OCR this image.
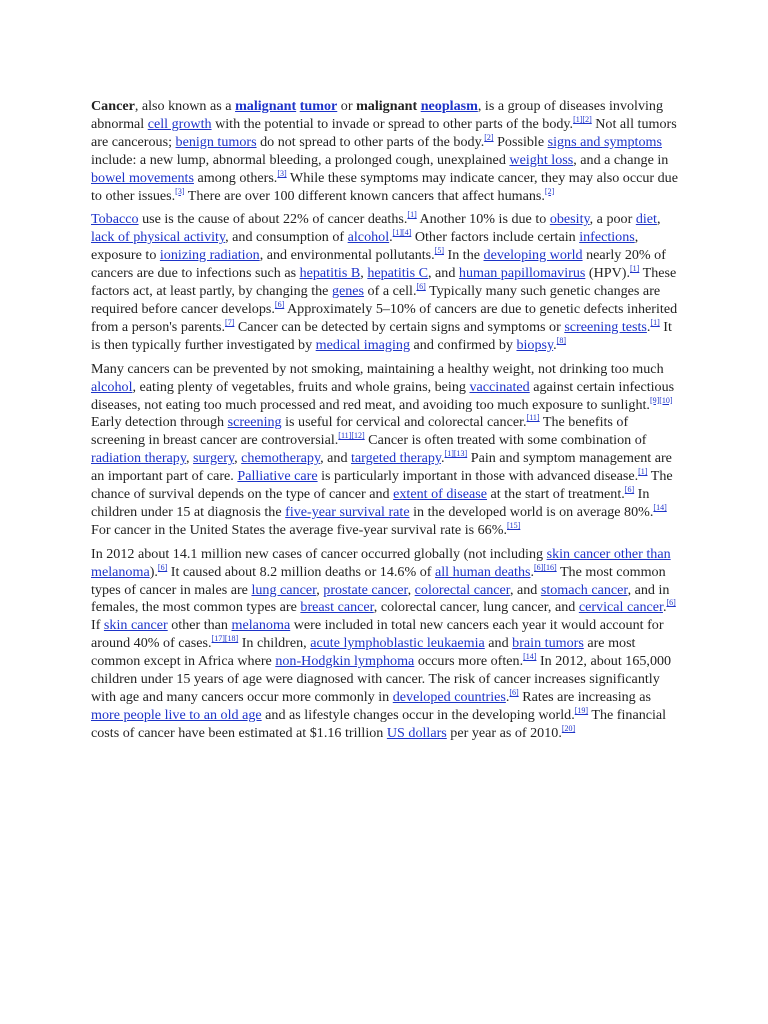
Cancer, also known as a malignant tumor or malignant neoplasm, is a group of diseases involving abnormal cell growth with the potential to invade or spread to other parts of the body.[1][2] Not all tumors are cancerous; benign tumors do not spread to other parts of the body.[2] Possible signs and symptoms include: a new lump, abnormal bleeding, a prolonged cough, unexplained weight loss, and a change in bowel movements among others.[3] While these symptoms may indicate cancer, they may also occur due to other issues.[3] There are over 100 different known cancers that affect humans.[2]

Tobacco use is the cause of about 22% of cancer deaths.[1] Another 10% is due to obesity, a poor diet, lack of physical activity, and consumption of alcohol.[1][4] Other factors include certain infections, exposure to ionizing radiation, and environmental pollutants.[5] In the developing world nearly 20% of cancers are due to infections such as hepatitis B, hepatitis C, and human papillomavirus (HPV).[1] These factors act, at least partly, by changing the genes of a cell.[6] Typically many such genetic changes are required before cancer develops.[6] Approximately 5–10% of cancers are due to genetic defects inherited from a person's parents.[7] Cancer can be detected by certain signs and symptoms or screening tests.[1] It is then typically further investigated by medical imaging and confirmed by biopsy.[8]

Many cancers can be prevented by not smoking, maintaining a healthy weight, not drinking too much alcohol, eating plenty of vegetables, fruits and whole grains, being vaccinated against certain infectious diseases, not eating too much processed and red meat, and avoiding too much exposure to sunlight.[9][10] Early detection through screening is useful for cervical and colorectal cancer.[11] The benefits of screening in breast cancer are controversial.[11][12] Cancer is often treated with some combination of radiation therapy, surgery, chemotherapy, and targeted therapy.[1][13] Pain and symptom management are an important part of care. Palliative care is particularly important in those with advanced disease.[1] The chance of survival depends on the type of cancer and extent of disease at the start of treatment.[6] In children under 15 at diagnosis the five-year survival rate in the developed world is on average 80%.[14] For cancer in the United States the average five-year survival rate is 66%.[15]

In 2012 about 14.1 million new cases of cancer occurred globally (not including skin cancer other than melanoma).[6] It caused about 8.2 million deaths or 14.6% of all human deaths.[6][16] The most common types of cancer in males are lung cancer, prostate cancer, colorectal cancer, and stomach cancer, and in females, the most common types are breast cancer, colorectal cancer, lung cancer, and cervical cancer.[6] If skin cancer other than melanoma were included in total new cancers each year it would account for around 40% of cases.[17][18] In children, acute lymphoblastic leukaemia and brain tumors are most common except in Africa where non-Hodgkin lymphoma occurs more often.[14] In 2012, about 165,000 children under 15 years of age were diagnosed with cancer. The risk of cancer increases significantly with age and many cancers occur more commonly in developed countries.[6] Rates are increasing as more people live to an old age and as lifestyle changes occur in the developing world.[19] The financial costs of cancer have been estimated at $1.16 trillion US dollars per year as of 2010.[20]
